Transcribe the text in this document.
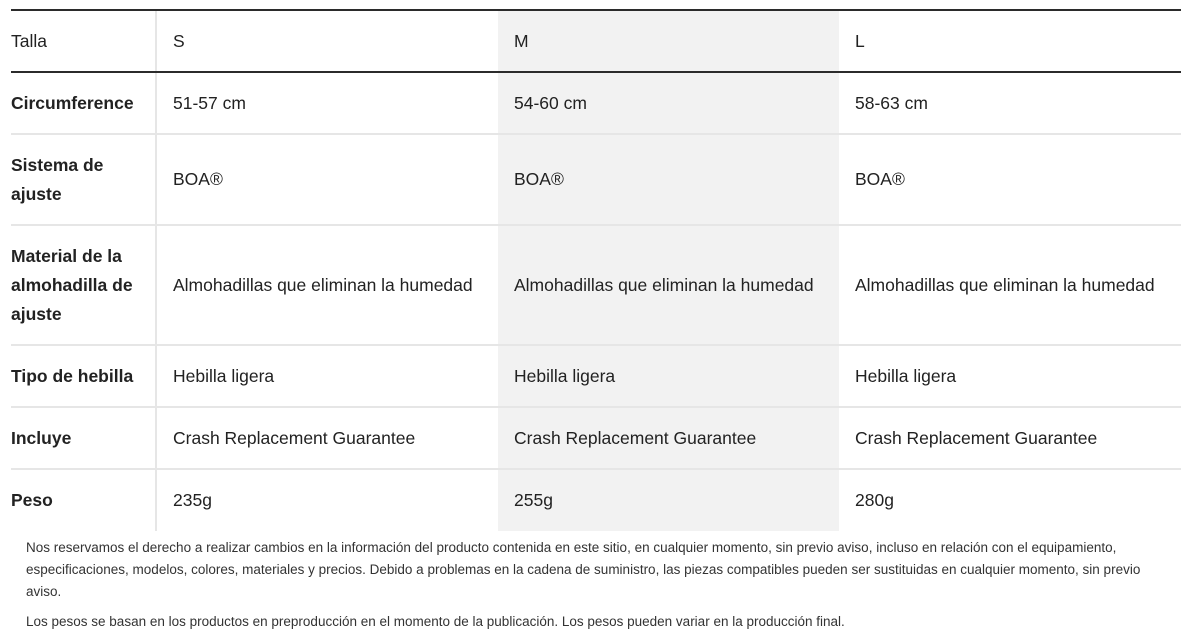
Talla	S	M	L
Circumference	51-57 cm	54-60 cm	58-63 cm
Sistema de ajuste	BOA®	BOA®	BOA®
Material de la almohadilla de ajuste	Almohadillas que eliminan la humedad	Almohadillas que eliminan la humedad	Almohadillas que eliminan la humedad
Tipo de hebilla	Hebilla ligera	Hebilla ligera	Hebilla ligera
Incluye	Crash Replacement Guarantee	Crash Replacement Guarantee	Crash Replacement Guarantee
Peso	235g	255g	280g

Nos reservamos el derecho a realizar cambios en la información del producto contenida en este sitio, en cualquier momento, sin previo aviso, incluso en relación con el equipamiento, especificaciones, modelos, colores, materiales y precios. Debido a problemas en la cadena de suministro, las piezas compatibles pueden ser sustituidas en cualquier momento, sin previo aviso.

Los pesos se basan en los productos en preproducción en el momento de la publicación. Los pesos pueden variar en la producción final.
